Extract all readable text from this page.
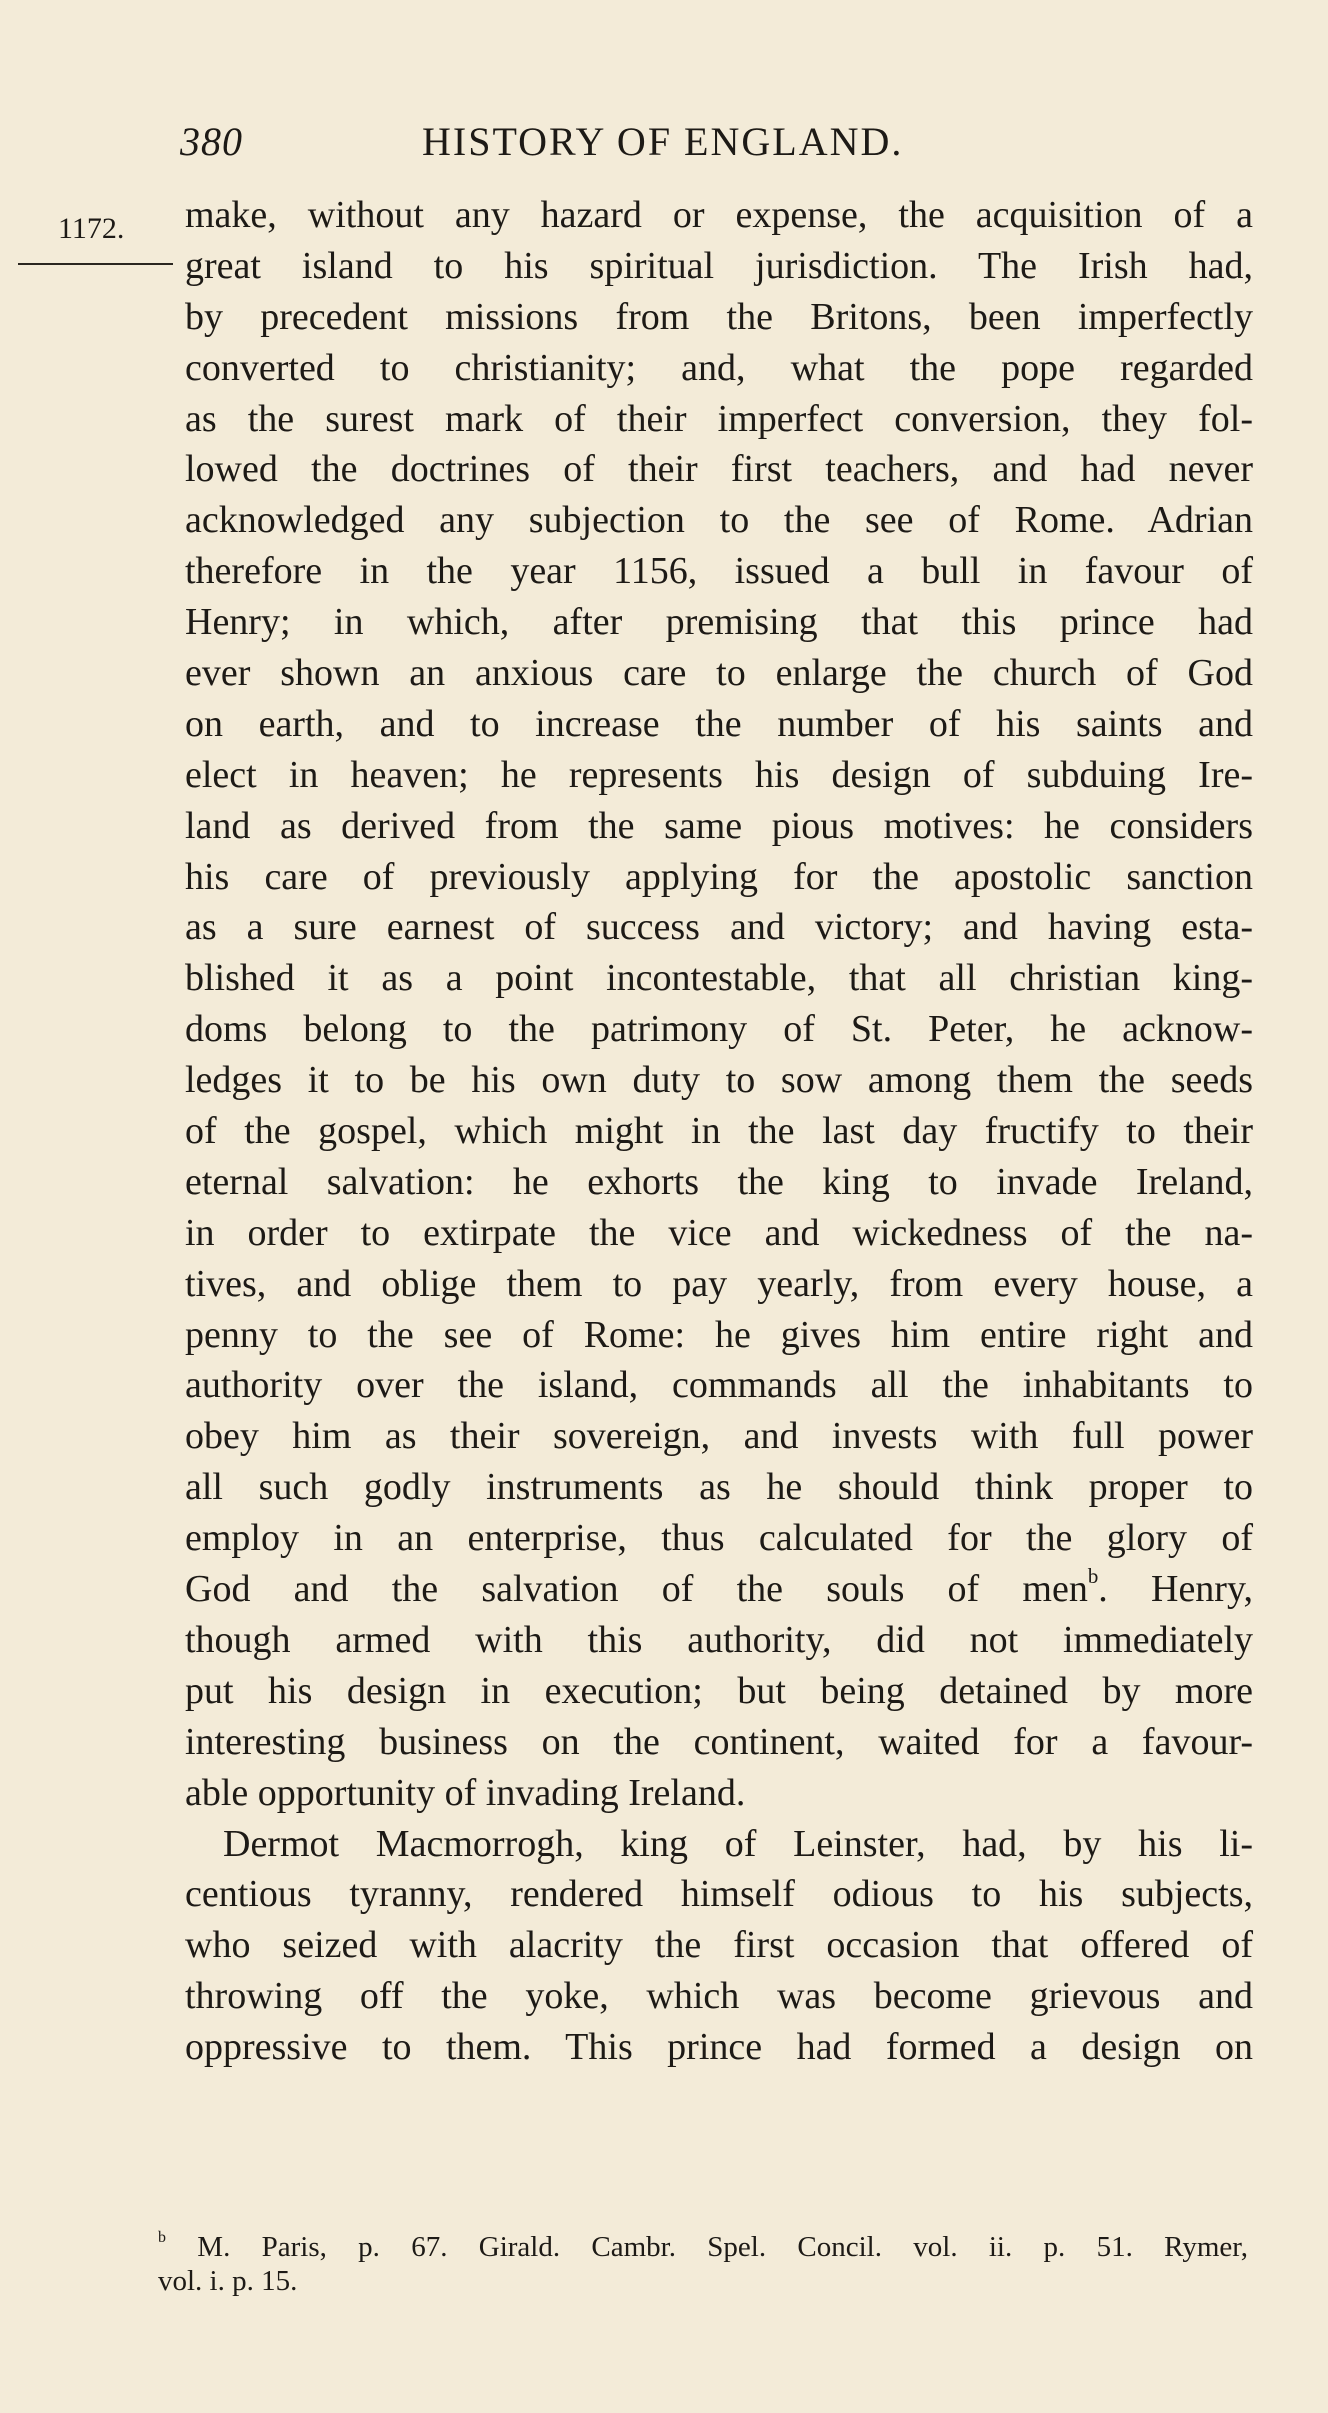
380	HISTORY OF ENGLAND.
1172. make, without any hazard or expense, the acquisition of a
great island to his spiritual jurisdiction. The Irish had,
by precedent missions from the Britons, been imperfectly
converted to christianity; and, what the pope regarded
as the surest mark of their imperfect conversion, they fol-
lowed the doctrines of their first teachers, and had never
acknowledged any subjection to the see of Rome. Adrian
therefore in the year 1156, issued a bull in favour of
Henry; in which, after premising that this prince had
ever shown an anxious care to enlarge the church of God
on earth, and to increase the number of his saints and
elect in heaven; he represents his design of subduing Ire-
land as derived from the same pious motives: he considers
his care of previously applying for the apostolic sanction
as a sure earnest of success and victory; and having esta-
blished it as a point incontestable, that all christian king-
doms belong to the patrimony of St. Peter, he acknow-
ledges it to be his own duty to sow among them the seeds
of the gospel, which might in the last day fructify to their
eternal salvation: he exhorts the king to invade Ireland,
in order to extirpate the vice and wickedness of the na-
tives, and oblige them to pay yearly, from every house, a
penny to the see of Rome: he gives him entire right and
authority over the island, commands all the inhabitants to
obey him as their sovereign, and invests with full power
all such godly instruments as he should think proper to
employ in an enterprise, thus calculated for the glory of
God and the salvation of the souls of men$^b$. Henry,
though armed with this authority, did not immediately
put his design in execution; but being detained by more
interesting business on the continent, waited for a favour-
able opportunity of invading Ireland.
Dermot Macmorrogh, king of Leinster, had, by his li-
centious tyranny, rendered himself odious to his subjects,
who seized with alacrity the first occasion that offered of
throwing off the yoke, which was become grievous and
oppressive to them. This prince had formed a design on
$^b$ M. Paris, p. 67. Girald. Cambr. Spel. Concil. vol. ii. p. 51. Rymer,
vol. i. p. 15.
